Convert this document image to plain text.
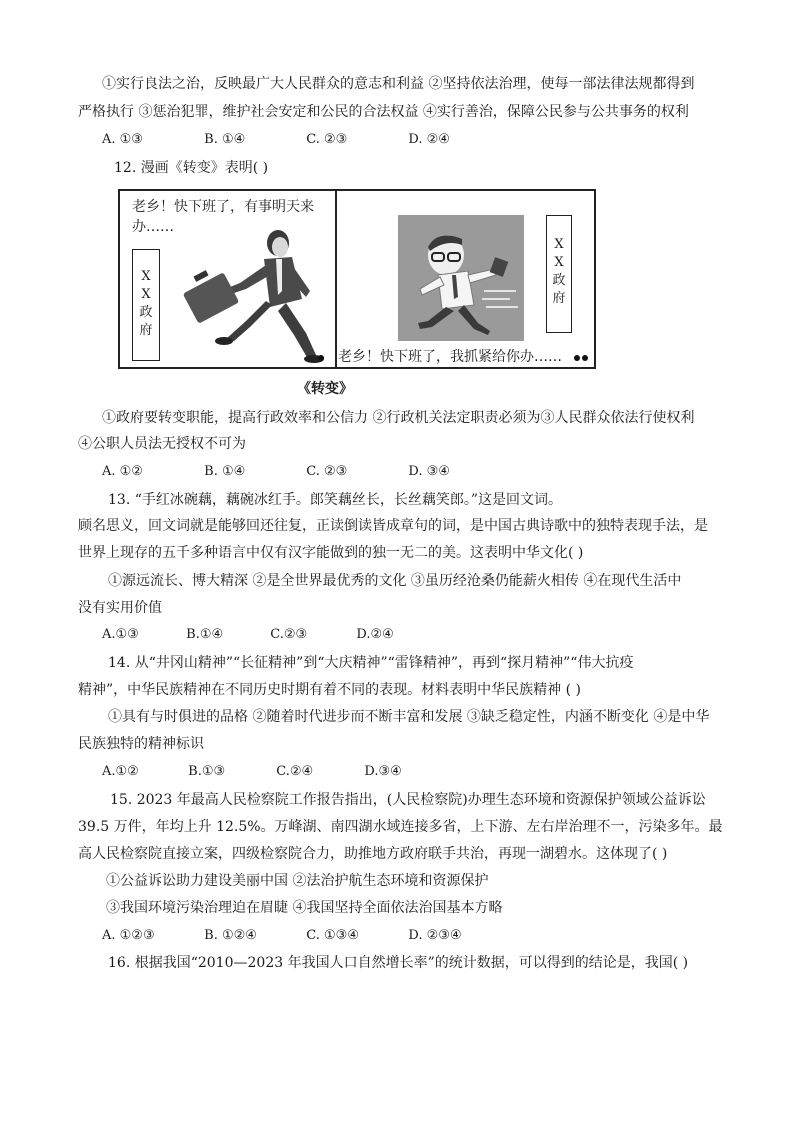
①实行良法之治，反映最广大人民群众的意志和利益 ②坚持依法治理，使每一部法律法规都得到
严格执行 ③惩治犯罪，维护社会安定和公民的合法权益 ④实行善治，保障公民参与公共事务的权利
A. ①③	B. ①④	C. ②③	D. ②④
12. 漫画《转变》表明( )
老乡！快下班了，有事明天来办……
XX政府
XX政府
老乡！快下班了，我抓紧给你办……
《转变》
①政府要转变职能，提高行政效率和公信力 ②行政机关法定职责必须为③人民群众依法行使权利
④公职人员法无授权不可为
A. ①②	B. ①④	C. ②③	D. ③④
13. “手红冰碗藕，藕碗冰红手。郎笑藕丝长，长丝藕笑郎。”这是回文词。
顾名思义，回文词就是能够回还往复，正读倒读皆成章句的词，是中国古典诗歌中的独特表现手法，是
世界上现存的五千多种语言中仅有汉字能做到的独一无二的美。这表明中华文化( )
①源远流长、博大精深 ②是全世界最优秀的文化 ③虽历经沧桑仍能薪火相传 ④在现代生活中
没有实用价值
A.①③	B.①④	C.②③	D.②④
14. 从“井冈山精神”“长征精神”到“大庆精神”“雷锋精神”，再到“探月精神”“伟大抗疫
精神”，中华民族精神在不同历史时期有着不同的表现。材料表明中华民族精神 ( )
①具有与时俱进的品格 ②随着时代进步而不断丰富和发展 ③缺乏稳定性，内涵不断变化 ④是中华
民族独特的精神标识
A.①②	B.①③	C.②④	D.③④
15. 2023 年最高人民检察院工作报告指出，(人民检察院)办理生态环境和资源保护领域公益诉讼
39.5 万件，年均上升 12.5%。万峰湖、南四湖水域连接多省，上下游、左右岸治理不一，污染多年。最
高人民检察院直接立案，四级检察院合力，助推地方政府联手共治，再现一湖碧水。这体现了( )
①公益诉讼助力建设美丽中国 ②法治护航生态环境和资源保护
③我国环境污染治理迫在眉睫 ④我国坚持全面依法治国基本方略
A. ①②③	B. ①②④	C. ①③④	D. ②③④
16. 根据我国“2010—2023 年我国人口自然增长率”的统计数据，可以得到的结论是，我国( )
